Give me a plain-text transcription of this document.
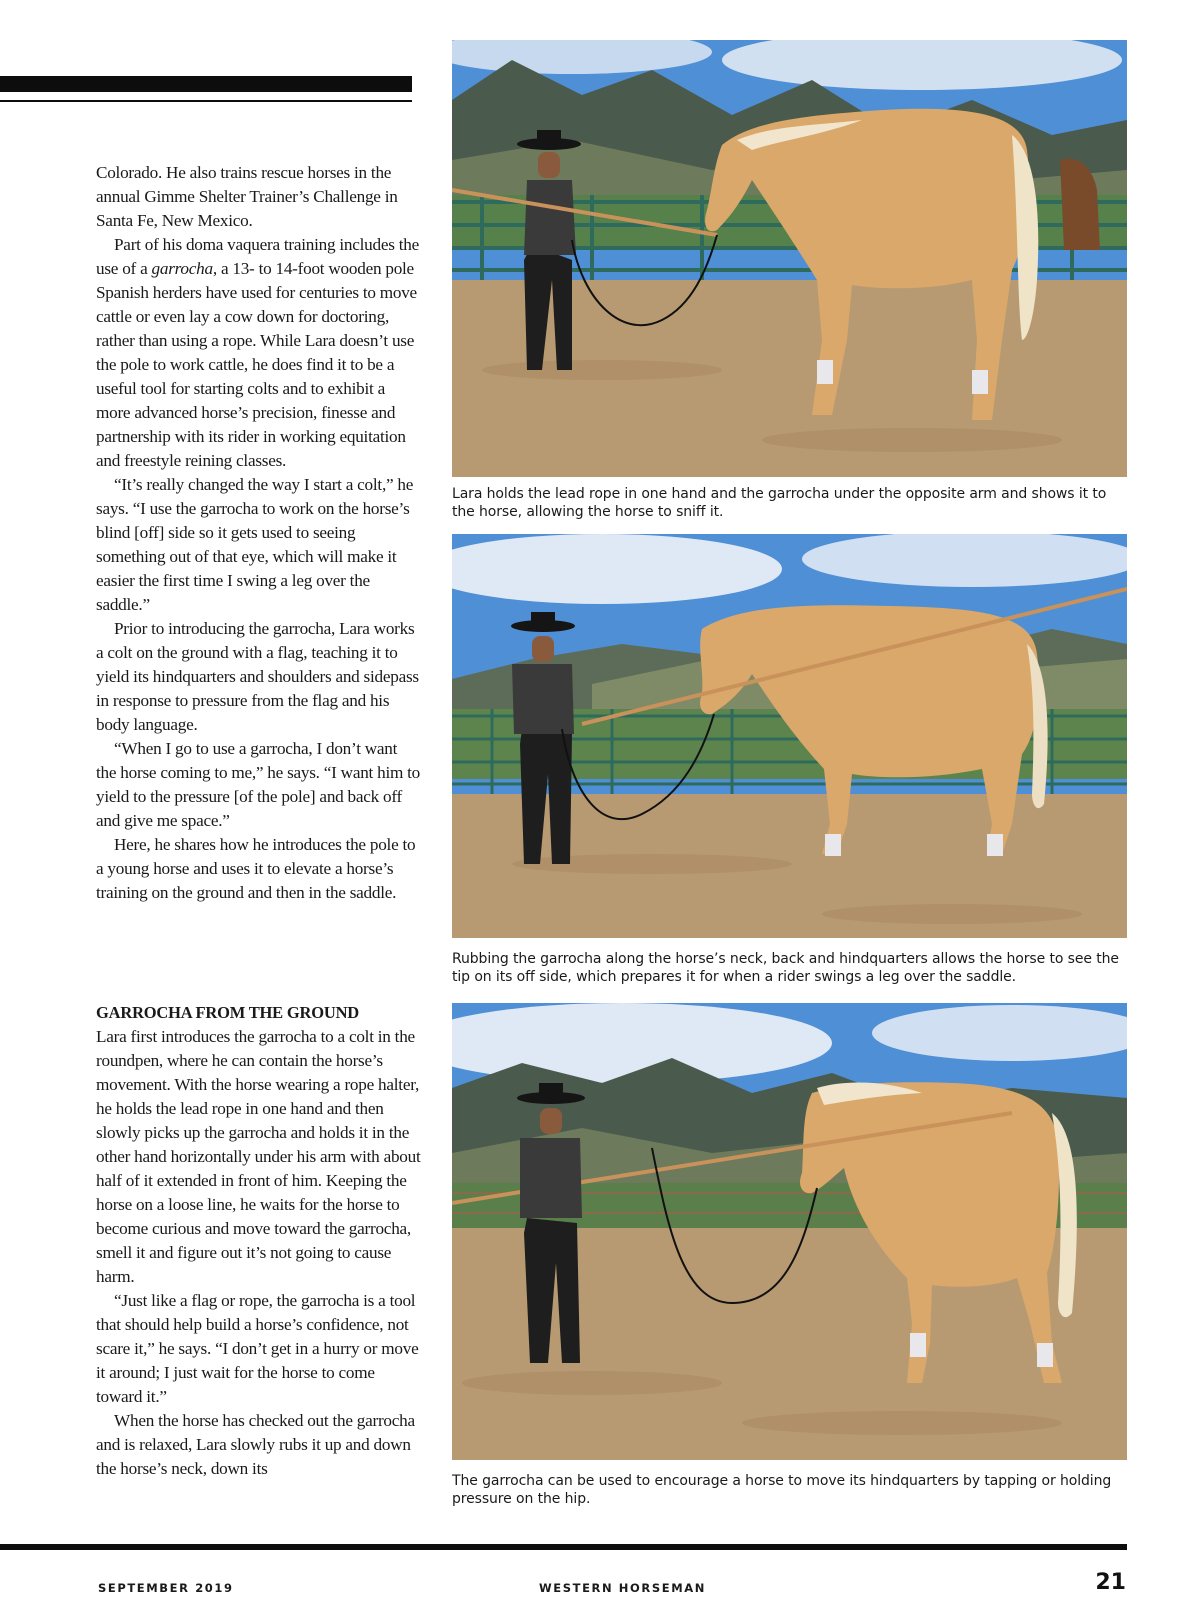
Colorado. He also trains rescue horses in the annual Gimme Shelter Trainer’s Challenge in Santa Fe, New Mexico.

Part of his doma vaquera training includes the use of a garrocha, a 13- to 14-foot wooden pole Spanish herders have used for centuries to move cattle or even lay a cow down for doctoring, rather than using a rope. While Lara doesn’t use the pole to work cattle, he does find it to be a useful tool for starting colts and to exhibit a more advanced horse’s precision, finesse and partnership with its rider in working equitation and freestyle reining classes.

“It’s really changed the way I start a colt,” he says. “I use the garrocha to work on the horse’s blind [off] side so it gets used to seeing something out of that eye, which will make it easier the first time I swing a leg over the saddle.”

Prior to introducing the garrocha, Lara works a colt on the ground with a flag, teaching it to yield its hindquarters and shoulders and sidepass in response to pressure from the flag and his body language.

“When I go to use a garrocha, I don’t want the horse coming to me,” he says. “I want him to yield to the pressure [of the pole] and back off and give me space.”

Here, he shares how he introduces the pole to a young horse and uses it to elevate a horse’s training on the ground and then in the saddle.

GARROCHA FROM THE GROUND

Lara first introduces the garrocha to a colt in the roundpen, where he can contain the horse’s movement. With the horse wearing a rope halter, he holds the lead rope in one hand and then slowly picks up the garrocha and holds it in the other hand horizontally under his arm with about half of it extended in front of him. Keeping the horse on a loose line, he waits for the horse to become curious and move toward the garrocha, smell it and figure out it’s not going to cause harm.

“Just like a flag or rope, the garrocha is a tool that should help build a horse’s confidence, not scare it,” he says. “I don’t get in a hurry or move it around; I just wait for the horse to come toward it.”

When the horse has checked out the garrocha and is relaxed, Lara slowly rubs it up and down the horse’s neck, down its

Lara holds the lead rope in one hand and the garrocha under the opposite arm and shows it to the horse, allowing the horse to sniff it.
Rubbing the garrocha along the horse’s neck, back and hindquarters allows the horse to see the tip on its off side, which prepares it for when a rider swings a leg over the saddle.
The garrocha can be used to encourage a horse to move its hindquarters by tapping or holding pressure on the hip.
SEPTEMBER 2019	WESTERN HORSEMAN	21
